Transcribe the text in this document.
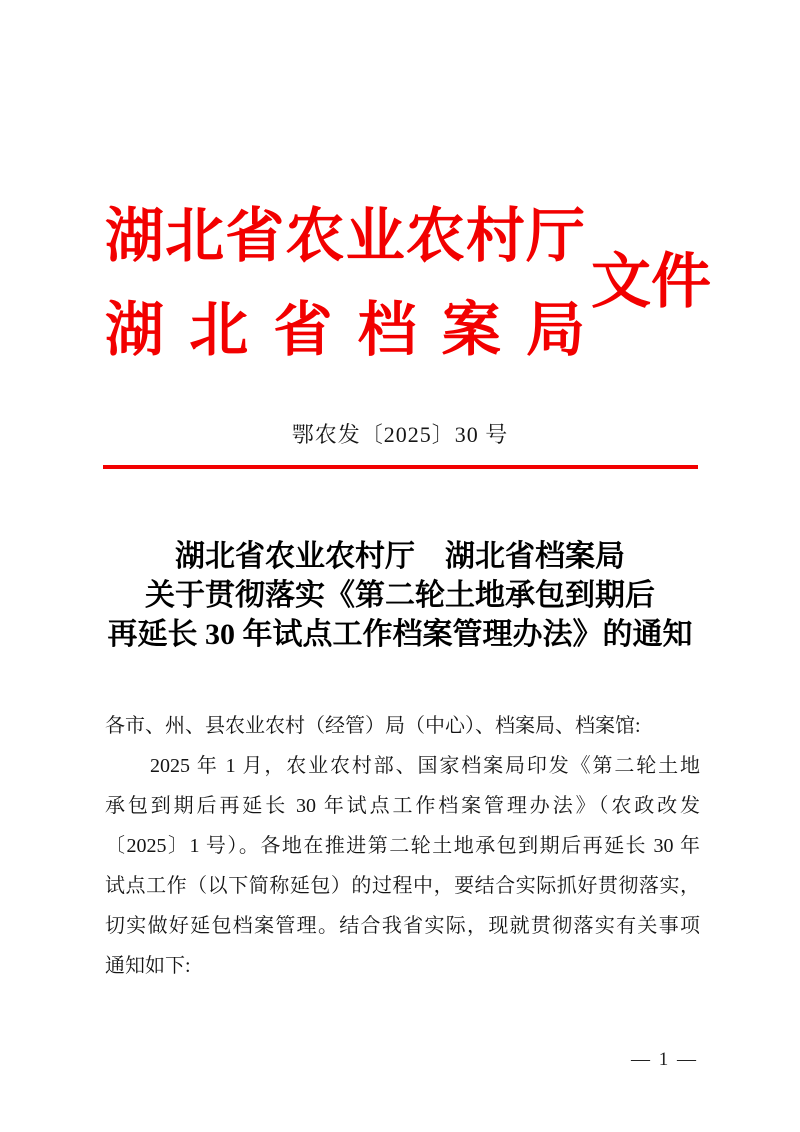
湖北省农业农村厅
湖北省档案局
文件
鄂农发〔2025〕30 号
湖北省农业农村厅　湖北省档案局
关于贯彻落实《第二轮土地承包到期后
再延长 30 年试点工作档案管理办法》的通知
各市、州、县农业农村（经管）局（中心）、档案局、档案馆:
2025 年 1 月，农业农村部、国家档案局印发《第二轮土地
承包到期后再延长 30 年试点工作档案管理办法》（农政改发
〔2025〕1 号）。各地在推进第二轮土地承包到期后再延长 30 年
试点工作（以下简称延包）的过程中，要结合实际抓好贯彻落实，
切实做好延包档案管理。结合我省实际，现就贯彻落实有关事项
通知如下:
— 1 —
